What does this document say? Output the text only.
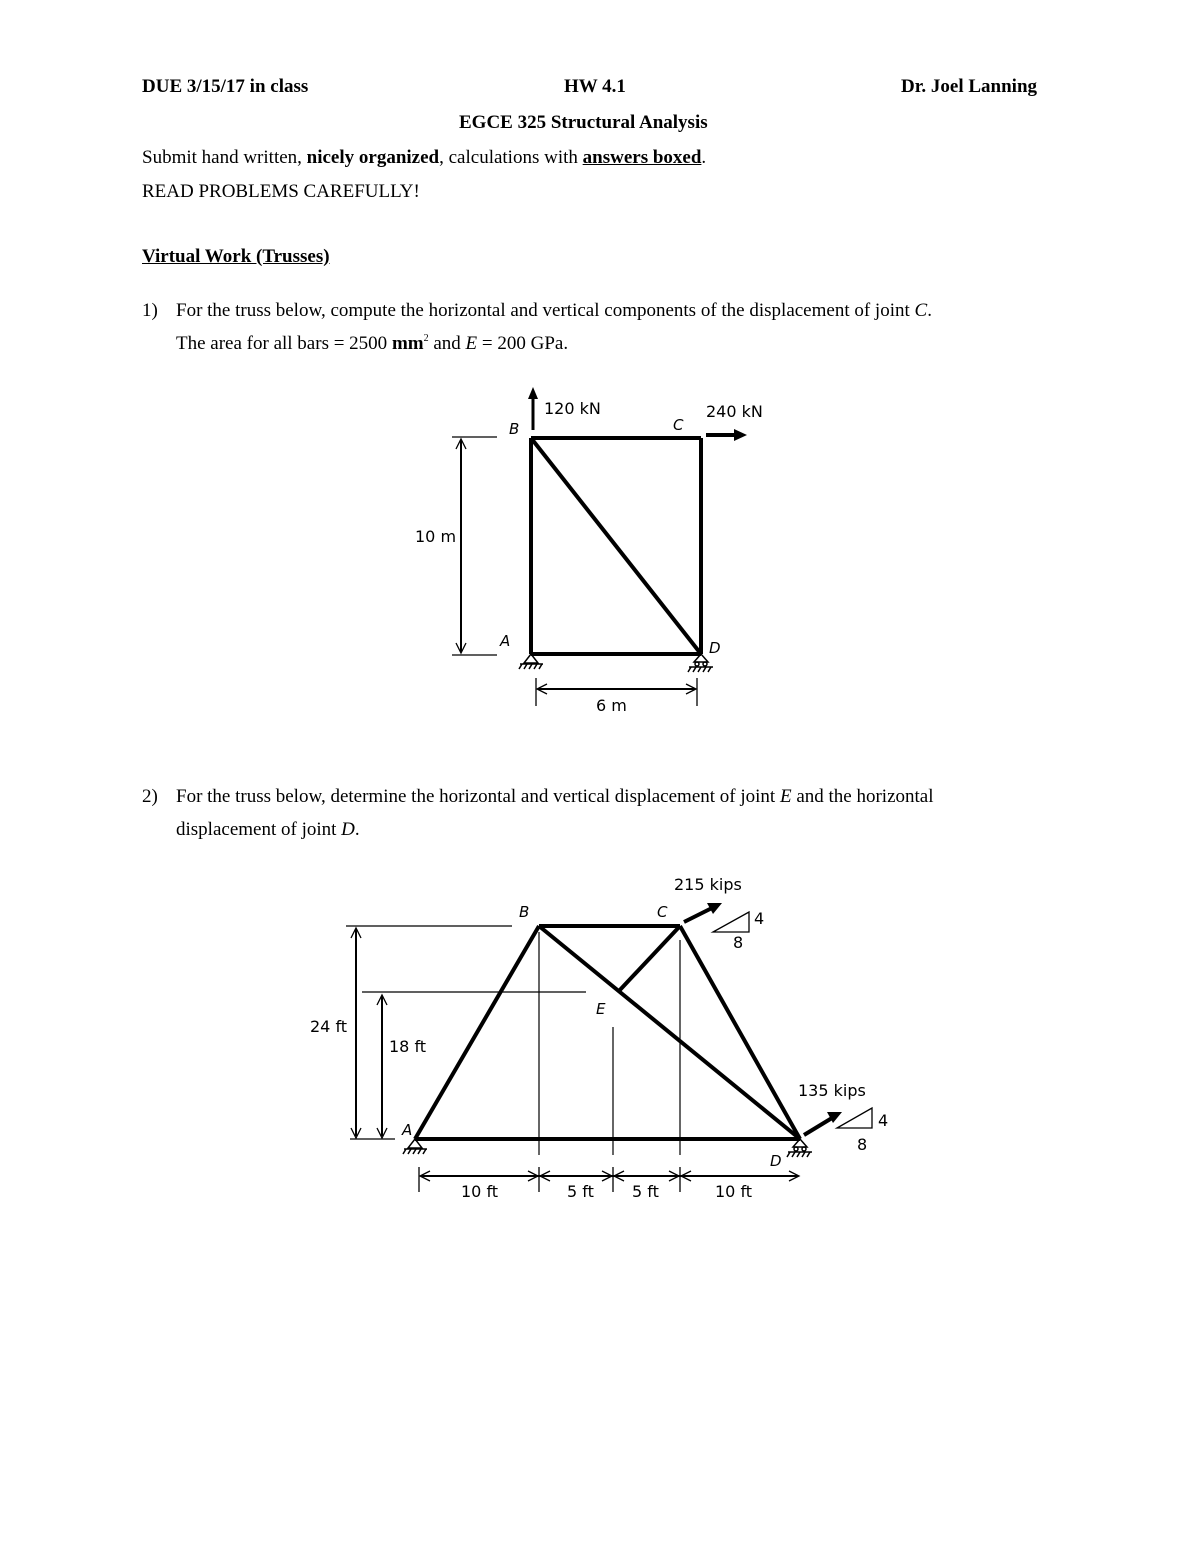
DUE 3/15/17 in class	HW 4.1	Dr. Joel Lanning
EGCE 325 Structural Analysis
Submit hand written, nicely organized, calculations with answers boxed.
READ PROBLEMS CAREFULLY!
Virtual Work (Trusses)
1) For the truss below, compute the horizontal and vertical components of the displacement of joint C.
The area for all bars = 2500 $mm^2$ and E = 200 GPa.
120 kN	240 kN
B	C
A	D
10 m
6 m
2) For the truss below, determine the horizontal and vertical displacement of joint E and the horizontal
displacement of joint D.
215 kips
4
8
135 kips
4
8
B	C
E
A
D
24 ft
18 ft
10 ft	5 ft 5 ft	10 ft
